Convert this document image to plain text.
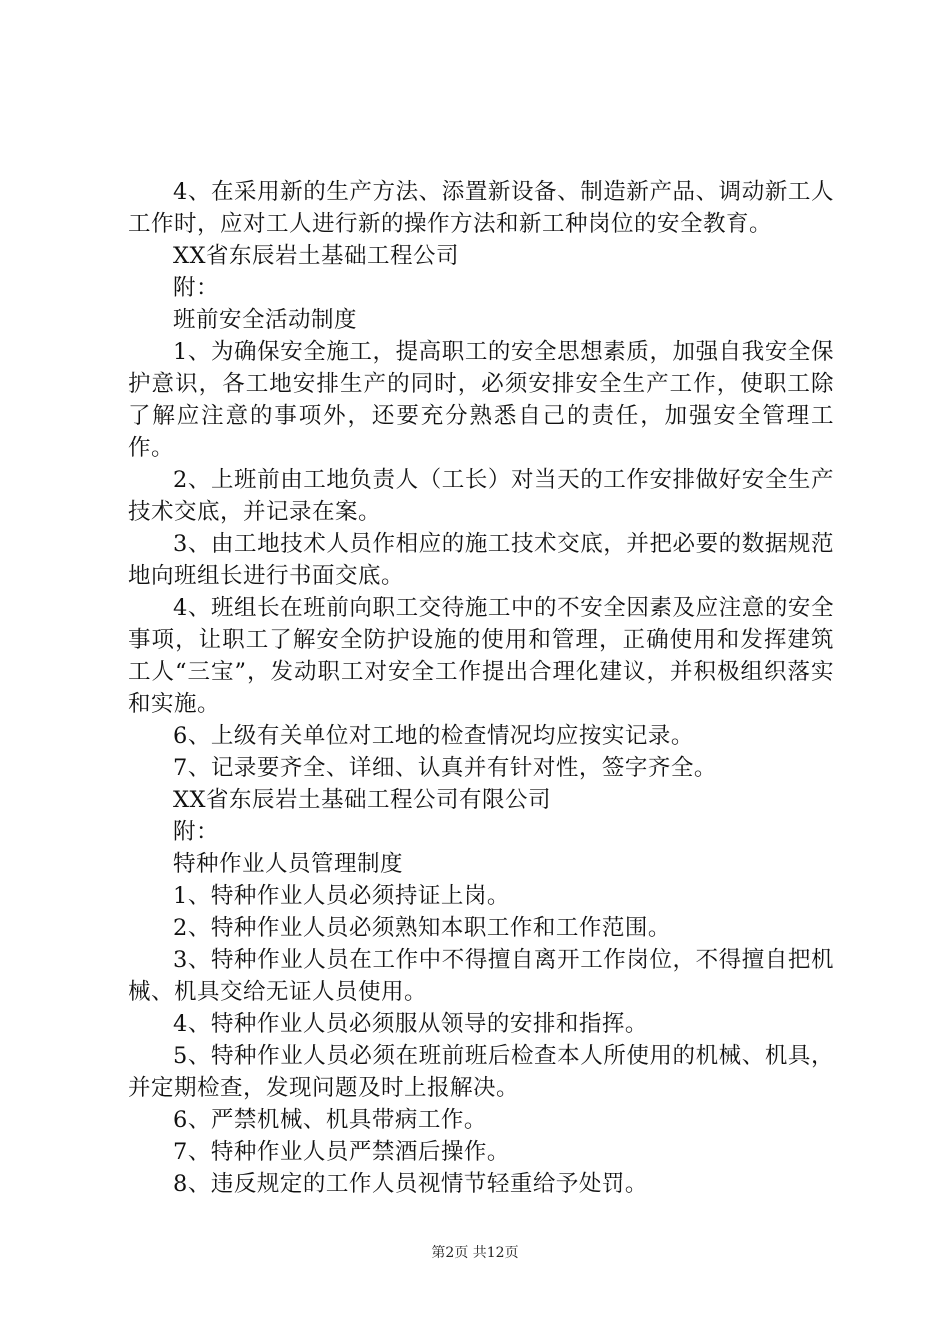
4、在采用新的生产方法、添置新设备、制造新产品、调动新工人工作时，应对工人进行新的操作方法和新工种岗位的安全教育。

XX省东辰岩土基础工程公司

附：

班前安全活动制度

1、为确保安全施工，提高职工的安全思想素质，加强自我安全保护意识，各工地安排生产的同时，必须安排安全生产工作，使职工除了解应注意的事项外，还要充分熟悉自己的责任，加强安全管理工作。

2、上班前由工地负责人（工长）对当天的工作安排做好安全生产技术交底，并记录在案。

3、由工地技术人员作相应的施工技术交底，并把必要的数据规范地向班组长进行书面交底。

4、班组长在班前向职工交待施工中的不安全因素及应注意的安全事项，让职工了解安全防护设施的使用和管理，正确使用和发挥建筑工人“三宝”，发动职工对安全工作提出合理化建议，并积极组织落实和实施。

6、上级有关单位对工地的检查情况均应按实记录。

7、记录要齐全、详细、认真并有针对性，签字齐全。

XX省东辰岩土基础工程公司有限公司

附：

特种作业人员管理制度

1、特种作业人员必须持证上岗。

2、特种作业人员必须熟知本职工作和工作范围。

3、特种作业人员在工作中不得擅自离开工作岗位，不得擅自把机械、机具交给无证人员使用。

4、特种作业人员必须服从领导的安排和指挥。

5、特种作业人员必须在班前班后检查本人所使用的机械、机具，并定期检查，发现问题及时上报解决。

6、严禁机械、机具带病工作。

7、特种作业人员严禁酒后操作。

8、违反规定的工作人员视情节轻重给予处罚。

第2页 共12页
